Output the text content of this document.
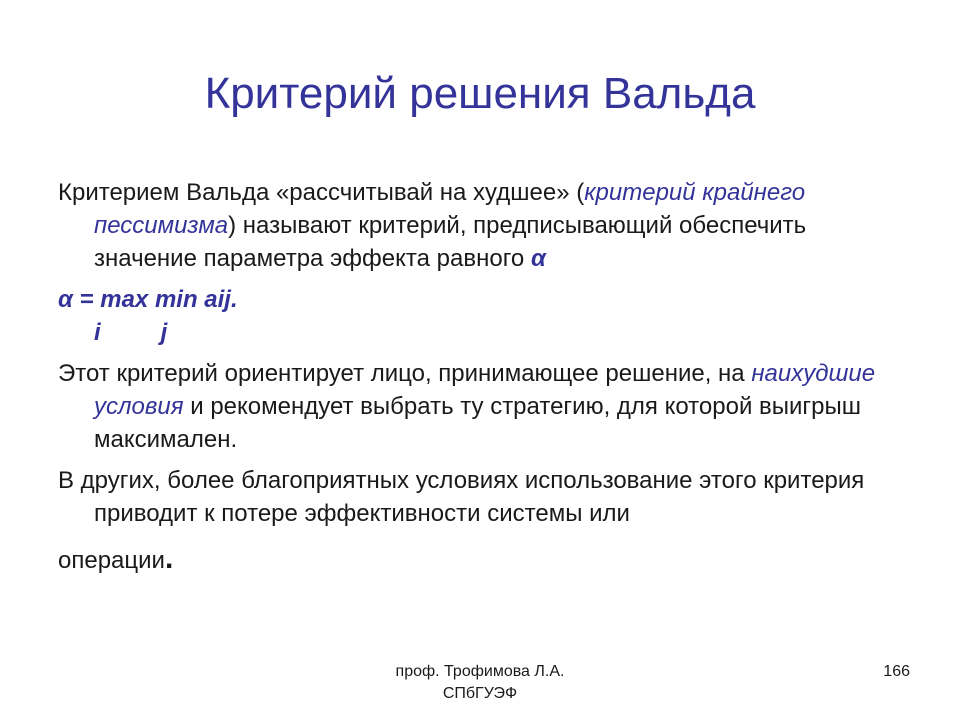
Критерий решения Вальда

Критерием Вальда «рассчитывай на худшее» (критерий крайнего пессимизма) называют критерий, предписывающий обеспечить значение параметра эффекта равного α

α = max min aij.

i	j

Этот критерий ориентирует лицо, принимающее решение, на наихудшие условия и рекомендует выбрать ту стратегию, для которой выигрыш максимален.

В других, более благоприятных условиях использование этого критерия приводит к потере эффективности системы или
операции.

проф. Трофимова Л.А.
СПбГУЭФ
166
